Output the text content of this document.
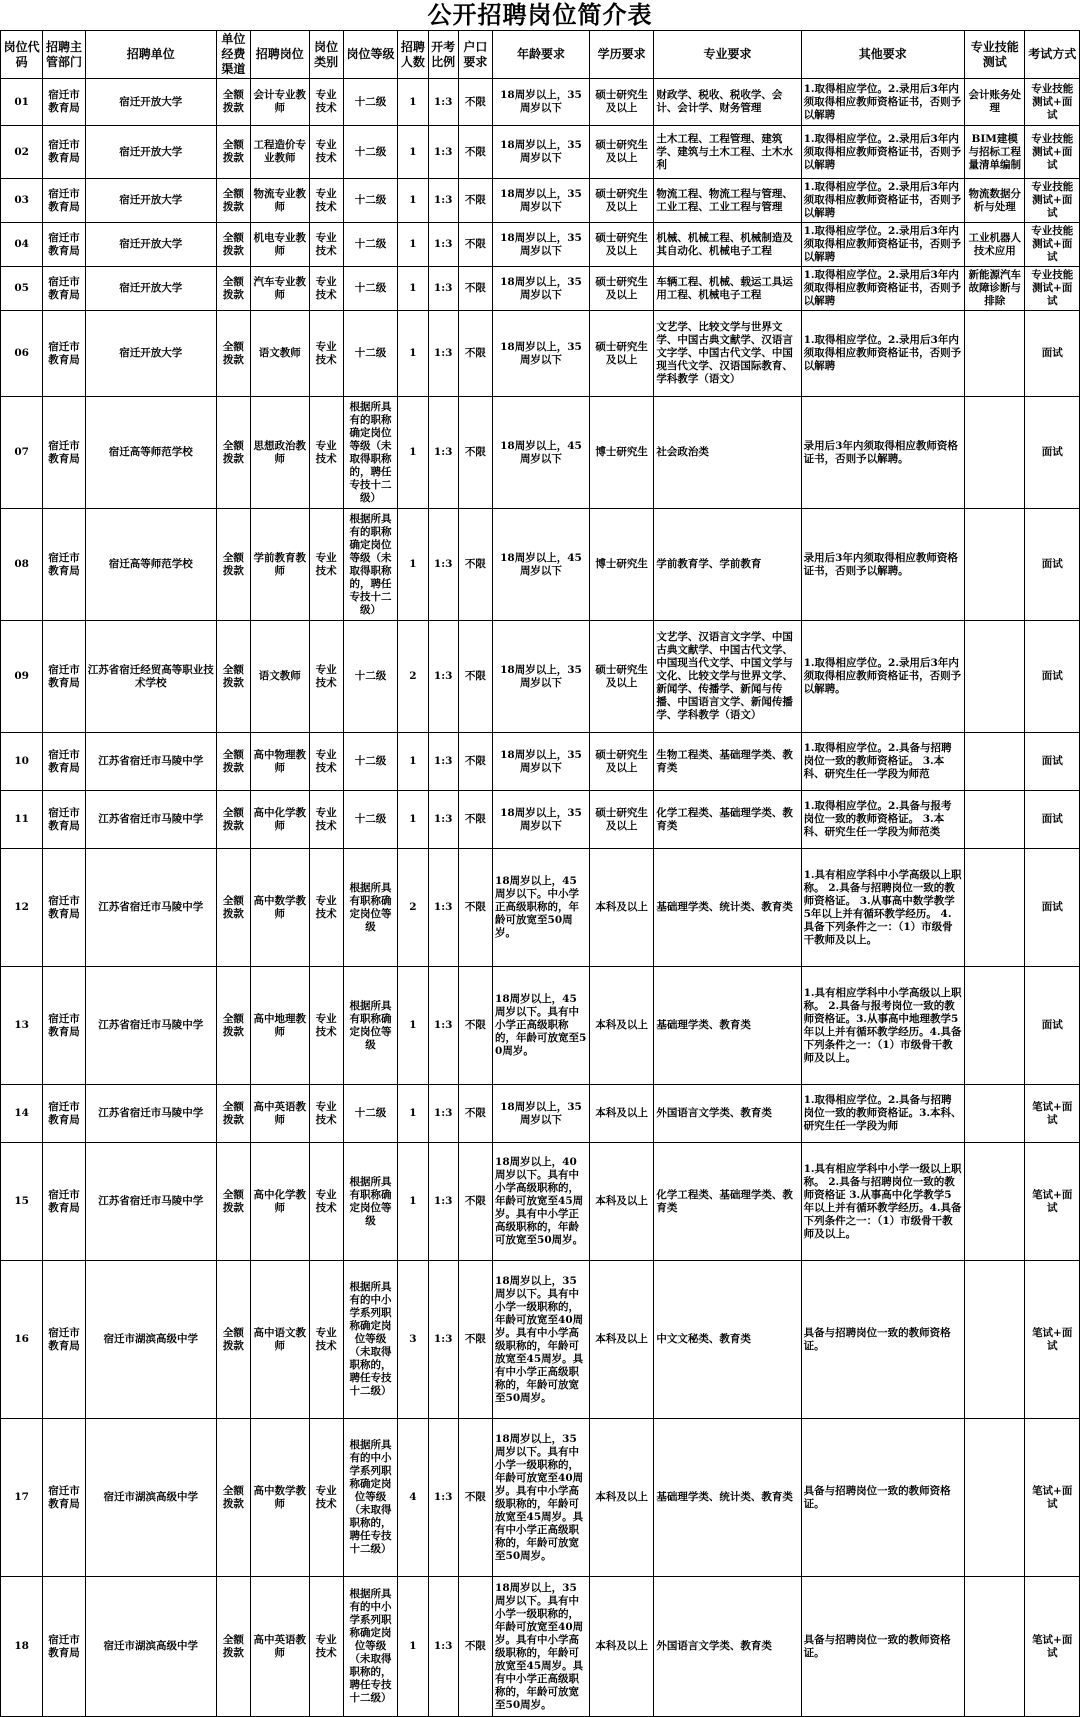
公开招聘岗位简介表
岗位代码	招聘主管部门	招聘单位	单位经费渠道	招聘岗位	岗位类别	岗位等级	招聘人数	开考比例	户口要求	年龄要求	学历要求	专业要求	其他要求	专业技能测试	考试方式
01	宿迁市教育局	宿迁开放大学	全额拨款	会计专业教师	专业技术	十二级	1	1:3	不限	18周岁以上，35周岁以下	硕士研究生及以上	财政学、税收、税收学、会计、会计学、财务管理	1.取得相应学位。2.录用后3年内须取得相应教师资格证书，否则予以解聘	会计账务处理	专业技能测试+面试
02	宿迁市教育局	宿迁开放大学	全额拨款	工程造价专业教师	专业技术	十二级	1	1:3	不限	18周岁以上，35周岁以下	硕士研究生及以上	土木工程、工程管理、建筑学、建筑与土木工程、土木水利	1.取得相应学位。2.录用后3年内须取得相应教师资格证书，否则予以解聘	BIM建模与招标工程量清单编制	专业技能测试+面试
03	宿迁市教育局	宿迁开放大学	全额拨款	物流专业教师	专业技术	十二级	1	1:3	不限	18周岁以上，35周岁以下	硕士研究生及以上	物流工程、物流工程与管理、工业工程、工业工程与管理	1.取得相应学位。2.录用后3年内须取得相应教师资格证书，否则予以解聘	物流数据分析与处理	专业技能测试+面试
04	宿迁市教育局	宿迁开放大学	全额拨款	机电专业教师	专业技术	十二级	1	1:3	不限	18周岁以上，35周岁以下	硕士研究生及以上	机械、机械工程、机械制造及其自动化、机械电子工程	1.取得相应学位。2.录用后3年内须取得相应教师资格证书，否则予以解聘	工业机器人技术应用	专业技能测试+面试
05	宿迁市教育局	宿迁开放大学	全额拨款	汽车专业教师	专业技术	十二级	1	1:3	不限	18周岁以上，35周岁以下	硕士研究生及以上	车辆工程、机械、载运工具运用工程、机械电子工程	1.取得相应学位。2.录用后3年内须取得相应教师资格证书，否则予以解聘	新能源汽车故障诊断与排除	专业技能测试+面试
06	宿迁市教育局	宿迁开放大学	全额拨款	语文教师	专业技术	十二级	1	1:3	不限	18周岁以上，35周岁以下	硕士研究生及以上	文艺学、比较文学与世界文学、中国古典文献学、汉语言文字学、中国古代文学、中国现当代文学、汉语国际教育、学科教学（语文）	1.取得相应学位。2.录用后3年内须取得相应教师资格证书，否则予以解聘		面试
07	宿迁市教育局	宿迁高等师范学校	全额拨款	思想政治教师	专业技术	根据所具有的职称确定岗位等级（未取得职称的，聘任专技十二级）	1	1:3	不限	18周岁以上，45周岁以下	博士研究生	社会政治类	录用后3年内须取得相应教师资格证书，否则予以解聘。		面试
08	宿迁市教育局	宿迁高等师范学校	全额拨款	学前教育教师	专业技术	根据所具有的职称确定岗位等级（未取得职称的，聘任专技十二级）	1	1:3	不限	18周岁以上，45周岁以下	博士研究生	学前教育学、学前教育	录用后3年内须取得相应教师资格证书，否则予以解聘。		面试
09	宿迁市教育局	江苏省宿迁经贸高等职业技术学校	全额拨款	语文教师	专业技术	十二级	2	1:3	不限	18周岁以上，35周岁以下	硕士研究生及以上	文艺学、汉语言文字学、中国古典文献学、中国古代文学、中国现当代文学、中国文学与文化、比较文学与世界文学、新闻学、传播学、新闻与传播、中国语言文学、新闻传播学、学科教学（语文）	1.取得相应学位。2.录用后3年内须取得相应教师资格证书，否则予以解聘。		面试
10	宿迁市教育局	江苏省宿迁市马陵中学	全额拨款	高中物理教师	专业技术	十二级	1	1:3	不限	18周岁以上，35周岁以下	硕士研究生及以上	生物工程类、基础理学类、教育类	1.取得相应学位。2.具备与招聘岗位一致的教师资格证。 3.本科、研究生任一学段为师范		面试
11	宿迁市教育局	江苏省宿迁市马陵中学	全额拨款	高中化学教师	专业技术	十二级	1	1:3	不限	18周岁以上，35周岁以下	硕士研究生及以上	化学工程类、基础理学类、教育类	1.取得相应学位。2.具备与报考岗位一致的教师资格证。 3.本科、研究生任一学段为师范类		面试
12	宿迁市教育局	江苏省宿迁市马陵中学	全额拨款	高中数学教师	专业技术	根据所具有职称确定岗位等级	2	1:3	不限	18周岁以上，45周岁以下。中小学正高级职称的，年龄可放宽至50周岁。	本科及以上	基础理学类、统计类、教育类	1.具有相应学科中小学高级以上职称。 2.具备与招聘岗位一致的教师资格证。 3.从事高中数学教学5年以上并有循环教学经历。 4.具备下列条件之一：（1）市级骨干教师及以上。		面试
13	宿迁市教育局	江苏省宿迁市马陵中学	全额拨款	高中地理教师	专业技术	根据所具有职称确定岗位等级	1	1:3	不限	18周岁以上，45周岁以下。具有中小学正高级职称的，年龄可放宽至50周岁。	本科及以上	基础理学类、教育类	1.具有相应学科中小学高级以上职称。 2.具备与报考岗位一致的教师资格证。3.从事高中地理教学5年以上并有循环教学经历。4.具备下列条件之一：（1）市级骨干教师及以上。		面试
14	宿迁市教育局	江苏省宿迁市马陵中学	全额拨款	高中英语教师	专业技术	十二级	1	1:3	不限	18周岁以上，35周岁以下	本科及以上	外国语言文学类、教育类	1.取得相应学位。2.具备与招聘岗位一致的教师资格证。3.本科、研究生任一学段为师		笔试+面试
15	宿迁市教育局	江苏省宿迁市马陵中学	全额拨款	高中化学教师	专业技术	根据所具有职称确定岗位等级	1	1:3	不限	18周岁以上，40周岁以下。具有中小学高级职称的，年龄可放宽至45周岁。具有中小学正高级职称的，年龄可放宽至50周岁。	本科及以上	化学工程类、基础理学类、教育类	1.具有相应学科中小学一级以上职称。 2.具备与招聘岗位一致的教师资格证 3.从事高中化学教学5年以上并有循环教学经历。4.具备下列条件之一：（1）市级骨干教师及以上。		笔试+面试
16	宿迁市教育局	宿迁市湖滨高级中学	全额拨款	高中语文教师	专业技术	根据所具有的中小学系列职称确定岗位等级（未取得职称的，聘任专技十二级）	3	1:3	不限	18周岁以上，35周岁以下。具有中小学一级职称的，年龄可放宽至40周岁。具有中小学高级职称的，年龄可放宽至45周岁。具有中小学正高级职称的，年龄可放宽至50周岁。	本科及以上	中文文秘类、教育类	具备与招聘岗位一致的教师资格证。		笔试+面试
17	宿迁市教育局	宿迁市湖滨高级中学	全额拨款	高中数学教师	专业技术	根据所具有的中小学系列职称确定岗位等级（未取得职称的，聘任专技十二级）	4	1:3	不限	18周岁以上，35周岁以下。具有中小学一级职称的，年龄可放宽至40周岁。具有中小学高级职称的，年龄可放宽至45周岁。具有中小学正高级职称的，年龄可放宽至50周岁。	本科及以上	基础理学类、统计类、教育类	具备与招聘岗位一致的教师资格证。		笔试+面试
18	宿迁市教育局	宿迁市湖滨高级中学	全额拨款	高中英语教师	专业技术	根据所具有的中小学系列职称确定岗位等级（未取得职称的，聘任专技十二级）	1	1:3	不限	18周岁以上，35周岁以下。具有中小学一级职称的，年龄可放宽至40周岁。具有中小学高级职称的，年龄可放宽至45周岁。具有中小学正高级职称的，年龄可放宽至50周岁。	本科及以上	外国语言文学类、教育类	具备与招聘岗位一致的教师资格证。		笔试+面试
